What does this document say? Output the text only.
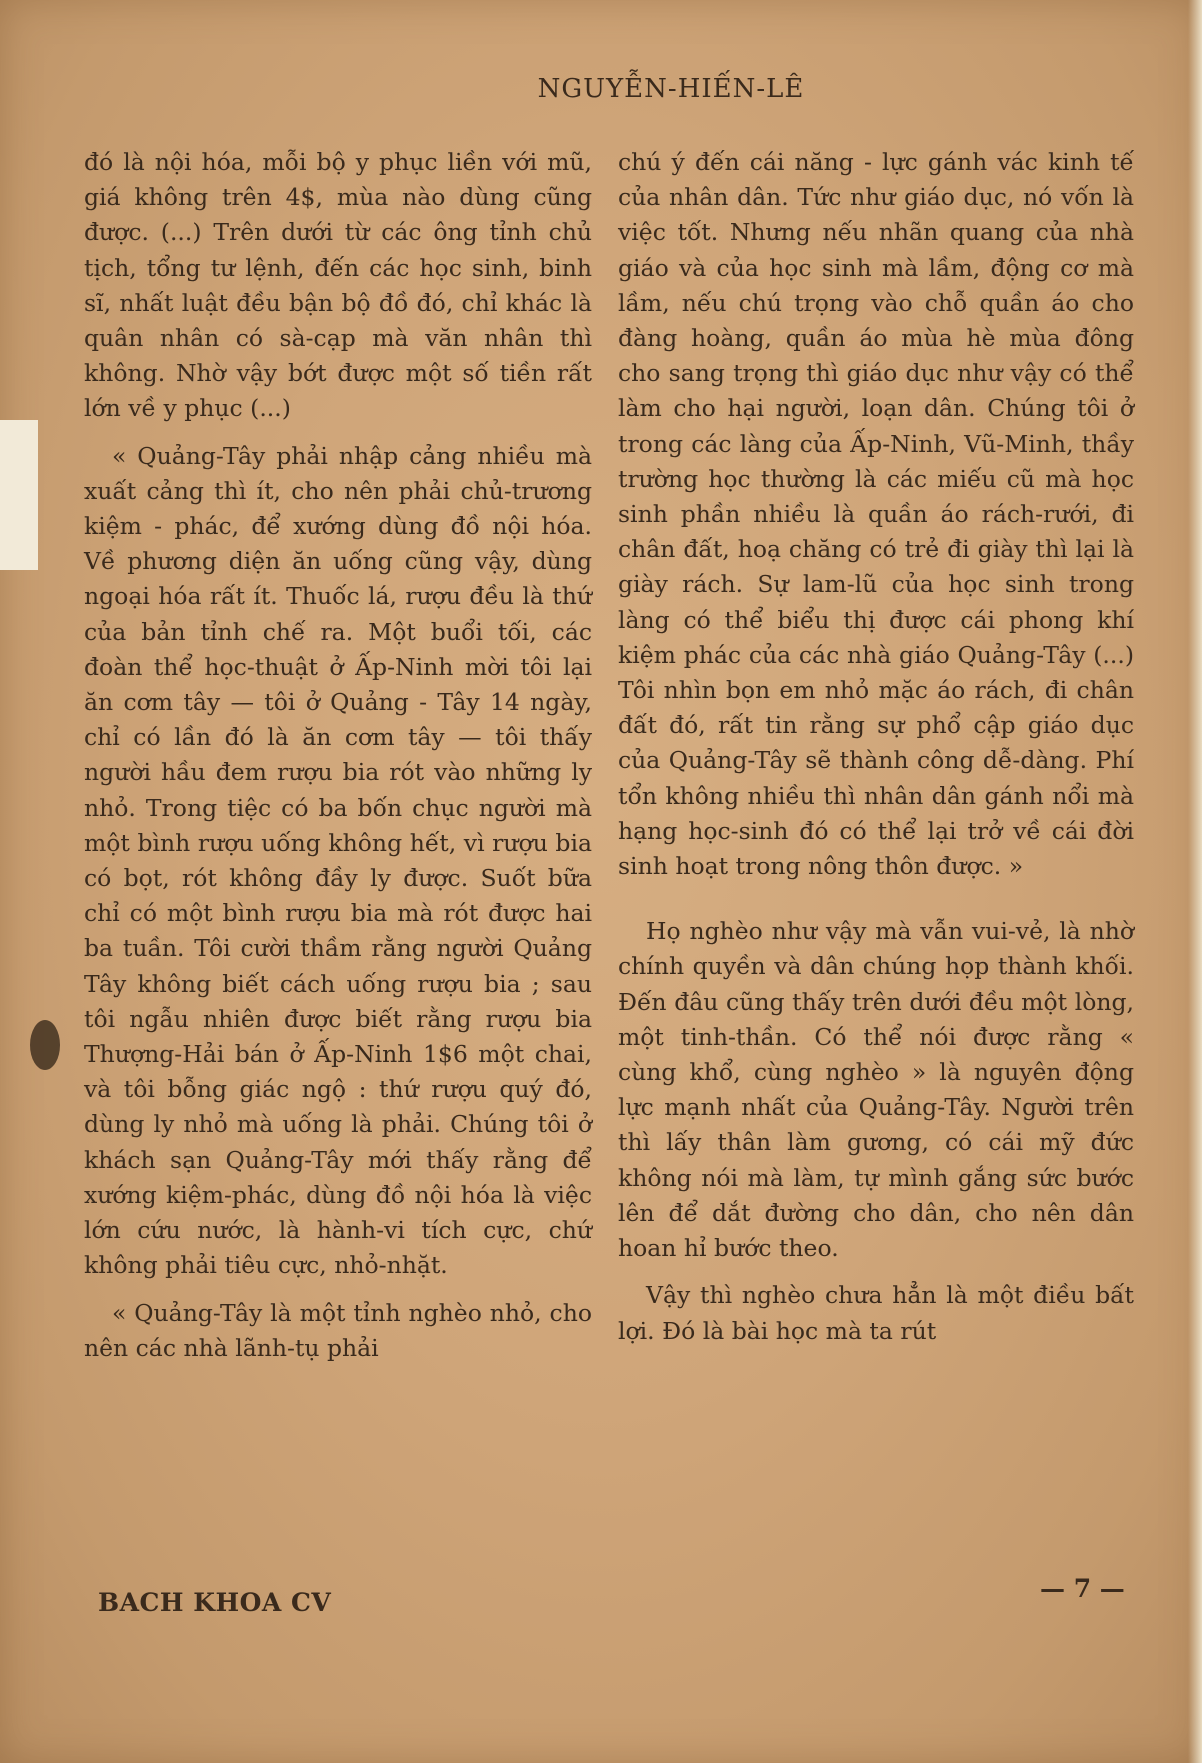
NGUYỄN-HIẾN-LÊ

đó là nội hóa, mỗi bộ y phục liền với mũ, giá không trên 4$, mùa nào dùng cũng được. (...) Trên dưới từ các ông tỉnh chủ tịch, tổng tư lệnh, đến các học sinh, binh sĩ, nhất luật đều bận bộ đồ đó, chỉ khác là quân nhân có sà-cạp mà văn nhân thì không. Nhờ vậy bớt được một số tiền rất lớn về y phục (...)

« Quảng-Tây phải nhập cảng nhiều mà xuất cảng thì ít, cho nên phải chủ-trương kiệm - phác, để xướng dùng đồ nội hóa. Về phương diện ăn uống cũng vậy, dùng ngoại hóa rất ít. Thuốc lá, rượu đều là thứ của bản tỉnh chế ra. Một buổi tối, các đoàn thể học-thuật ở Ấp-Ninh mời tôi lại ăn cơm tây — tôi ở Quảng - Tây 14 ngày, chỉ có lần đó là ăn cơm tây — tôi thấy người hầu đem rượu bia rót vào những ly nhỏ. Trong tiệc có ba bốn chục người mà một bình rượu uống không hết, vì rượu bia có bọt, rót không đầy ly được. Suốt bữa chỉ có một bình rượu bia mà rót được hai ba tuần. Tôi cười thầm rằng người Quảng Tây không biết cách uống rượu bia ; sau tôi ngẫu nhiên được biết rằng rượu bia Thượng-Hải bán ở Ấp-Ninh 1$6 một chai, và tôi bỗng giác ngộ : thứ rượu quý đó, dùng ly nhỏ mà uống là phải. Chúng tôi ở khách sạn Quảng-Tây mới thấy rằng để xướng kiệm-phác, dùng đồ nội hóa là việc lớn cứu nước, là hành-vi tích cực, chứ không phải tiêu cực, nhỏ-nhặt.

« Quảng-Tây là một tỉnh nghèo nhỏ, cho nên các nhà lãnh-tụ phải

chú ý đến cái năng - lực gánh vác kinh tế của nhân dân. Tức như giáo dục, nó vốn là việc tốt. Nhưng nếu nhãn quang của nhà giáo và của học sinh mà lầm, động cơ mà lầm, nếu chú trọng vào chỗ quần áo cho đàng hoàng, quần áo mùa hè mùa đông cho sang trọng thì giáo dục như vậy có thể làm cho hại người, loạn dân. Chúng tôi ở trong các làng của Ấp-Ninh, Vũ-Minh, thầy trường học thường là các miếu cũ mà học sinh phần nhiều là quần áo rách-rưới, đi chân đất, hoạ chăng có trẻ đi giày thì lại là giày rách. Sự lam-lũ của học sinh trong làng có thể biểu thị được cái phong khí kiệm phác của các nhà giáo Quảng-Tây (...) Tôi nhìn bọn em nhỏ mặc áo rách, đi chân đất đó, rất tin rằng sự phổ cập giáo dục của Quảng-Tây sẽ thành công dễ-dàng. Phí tổn không nhiều thì nhân dân gánh nổi mà hạng học-sinh đó có thể lại trở về cái đời sinh hoạt trong nông thôn được. »

Họ nghèo như vậy mà vẫn vui-vẻ, là nhờ chính quyền và dân chúng họp thành khối. Đến đâu cũng thấy trên dưới đều một lòng, một tinh-thần. Có thể nói được rằng « cùng khổ, cùng nghèo » là nguyên động lực mạnh nhất của Quảng-Tây. Người trên thì lấy thân làm gương, có cái mỹ đức không nói mà làm, tự mình gắng sức bước lên để dắt đường cho dân, cho nên dân hoan hỉ bước theo.

Vậy thì nghèo chưa hẳn là một điều bất lợi. Đó là bài học mà ta rút

BACH KHOA CV	— 7 —
